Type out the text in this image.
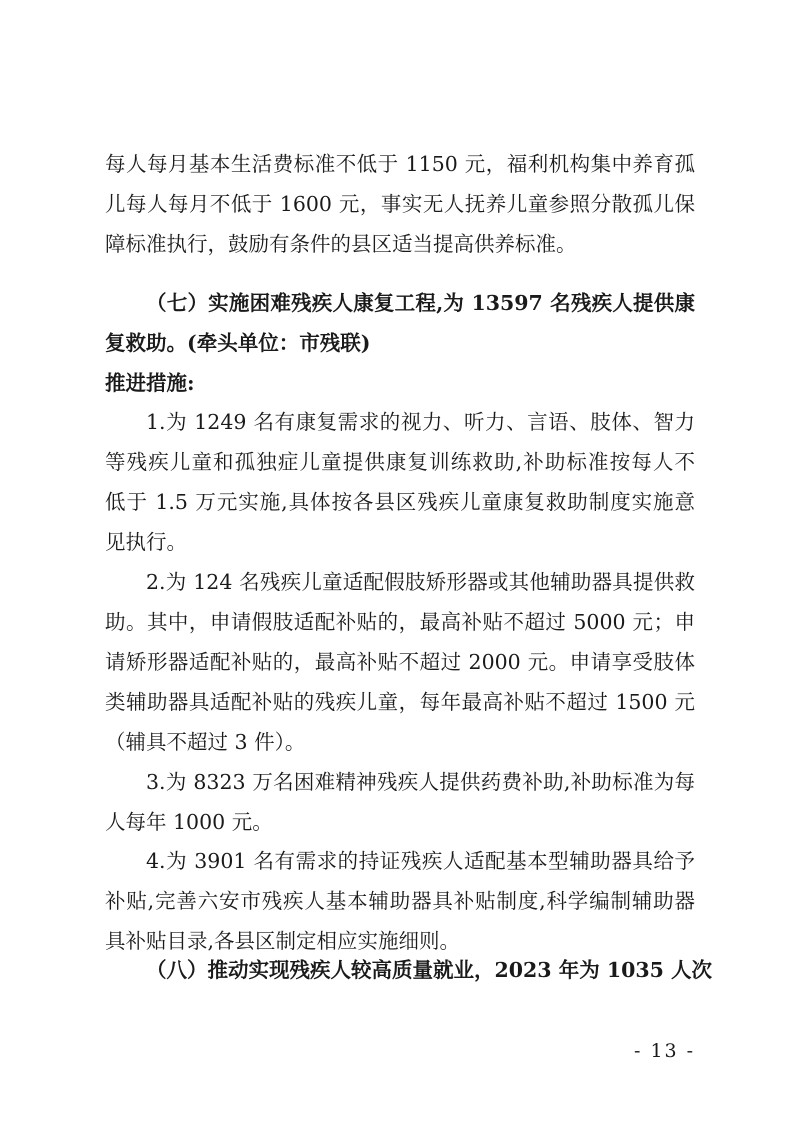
每人每月基本生活费标准不低于 1150 元，福利机构集中养育孤
儿每人每月不低于 1600 元，事实无人抚养儿童参照分散孤儿保
障标准执行，鼓励有条件的县区适当提高供养标准。
（七）实施困难残疾人康复工程,为 13597 名残疾人提供康
复救助。(牵头单位：市残联)
推进措施:
1.为 1249 名有康复需求的视力、听力、言语、肢体、智力
等残疾儿童和孤独症儿童提供康复训练救助,补助标准按每人不
低于 1.5 万元实施,具体按各县区残疾儿童康复救助制度实施意
见执行。
2.为 124 名残疾儿童适配假肢矫形器或其他辅助器具提供救
助。其中，申请假肢适配补贴的，最高补贴不超过 5000 元；申
请矫形器适配补贴的，最高补贴不超过 2000 元。申请享受肢体
类辅助器具适配补贴的残疾儿童，每年最高补贴不超过 1500 元
（辅具不超过 3 件）。
3.为 8323 万名困难精神残疾人提供药费补助,补助标准为每
人每年 1000 元。
4.为 3901 名有需求的持证残疾人适配基本型辅助器具给予
补贴,完善六安市残疾人基本辅助器具补贴制度,科学编制辅助器
具补贴目录,各县区制定相应实施细则。
（八）推动实现残疾人较高质量就业，2023 年为 1035 人次
- 13 -
